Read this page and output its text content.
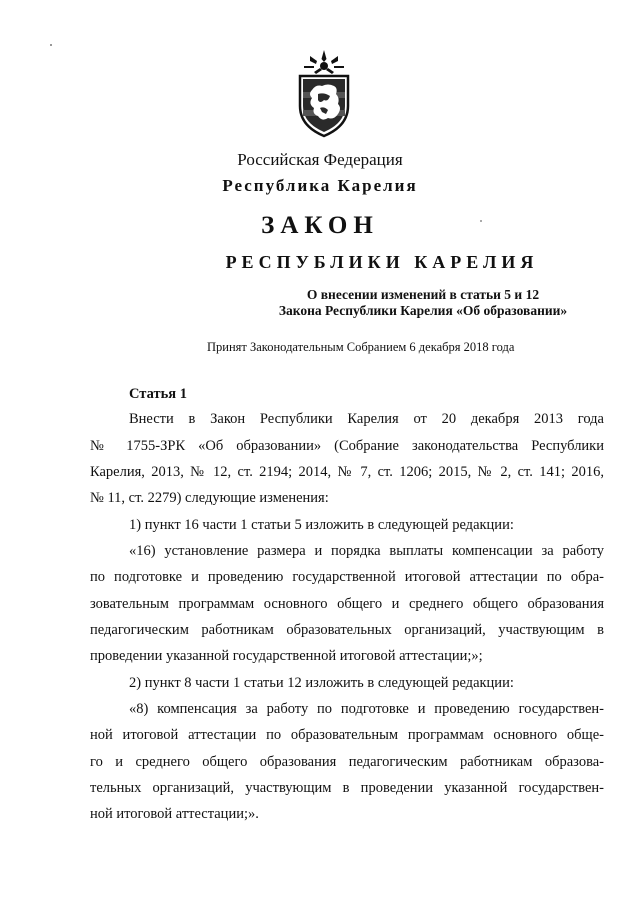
Российская Федерация
Республика Карелия
ЗАКОН
РЕСПУБЛИКИ КАРЕЛИЯ
О внесении изменений в статьи 5 и 12
Закона Республики Карелия «Об образовании»
Принят Законодательным Собранием 6 декабря 2018 года
Статья 1
Внести в Закон Республики Карелия от 20 декабря 2013 года
№ 1755-ЗРК «Об образовании» (Собрание законодательства Республики
Карелия, 2013, № 12, ст. 2194; 2014, № 7, ст. 1206; 2015, № 2, ст. 141; 2016,
№ 11, ст. 2279) следующие изменения:
1) пункт 16 части 1 статьи 5 изложить в следующей редакции:
«16) установление размера и порядка выплаты компенсации за работу
по подготовке и проведению государственной итоговой аттестации по обра-
зовательным программам основного общего и среднего общего образования
педагогическим работникам образовательных организаций, участвующим в
проведении указанной государственной итоговой аттестации;»;
2) пункт 8 части 1 статьи 12 изложить в следующей редакции:
«8) компенсация за работу по подготовке и проведению государствен-
ной итоговой аттестации по образовательным программам основного обще-
го и среднего общего образования педагогическим работникам образова-
тельных организаций, участвующим в проведении указанной государствен-
ной итоговой аттестации;».
